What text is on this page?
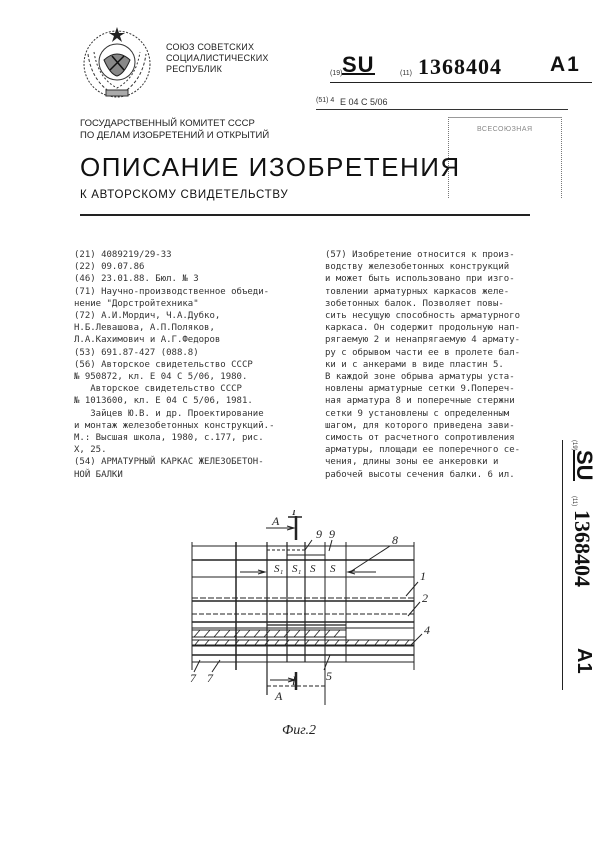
СОЮЗ СОВЕТСКИХ
СОЦИАЛИСТИЧЕСКИХ
РЕСПУБЛИК
ГОСУДАРСТВЕННЫЙ КОМИТЕТ СССР
ПО ДЕЛАМ ИЗОБРЕТЕНИЙ И ОТКРЫТИЙ
(19) SU	(11) 1368404 A1
(51) 4 E 04 C 5/06
ВСЕСОЮЗНАЯ
ОПИСАНИЕ ИЗОБРЕТЕНИЯ
К АВТОРСКОМУ СВИДЕТЕЛЬСТВУ
(21) 4089219/29-33
(22) 09.07.86
(46) 23.01.88. Бюл. № 3
(71) Научно-производственное объеди-
нение "Дорстройтехника"
(72) А.И.Мордич, Ч.А.Дубко,
Н.Б.Левашова, А.П.Поляков,
Л.А.Кахимович и А.Г.Федоров
(53) 691.87-427 (088.8)
(56) Авторское свидетельство СССР
№ 950872, кл. E 04 C 5/06, 1980.
Авторское свидетельство СССР
№ 1013600, кл. E 04 C 5/06, 1981.
Зайцев Ю.В. и др. Проектирование
и монтаж железобетонных конструкций.-
М.: Высшая школа, 1980, с.177, рис.
X, 25.
(54) АРМАТУРНЫЙ КАРКАС ЖЕЛЕЗОБЕТОН-
НОЙ БАЛКИ
(57) Изобретение относится к произ-
водству железобетонных конструкций
и может быть использовано при изго-
товлении арматурных каркасов желе-
зобетонных балок. Позволяет повы-
сить несущую способность арматурного
каркаса. Он содержит продольную нап-
рягаемую 2 и ненапрягаемую 4 армату-
ру с обрывом части ее в пролете бал-
ки и с анкерами в виде пластин 5.
В каждой зоне обрыва арматуры уста-
новлены арматурные сетки 9.Попереч-
ная арматура 8 и поперечные стержни
сетки 9 установлены с определенным
шагом, для которого приведена зави-
симость от расчетного сопротивления
арматуры, площади ее поперечного се-
чения, длины зоны ее анкеровки и
рабочей высоты сечения балки. 6 ил.
(19)
SU
(11)
1368404
A1
S₁ S₁ S S
I
A
A
l
9 9	8
1
2
4
5
7 7
Фиг.2
